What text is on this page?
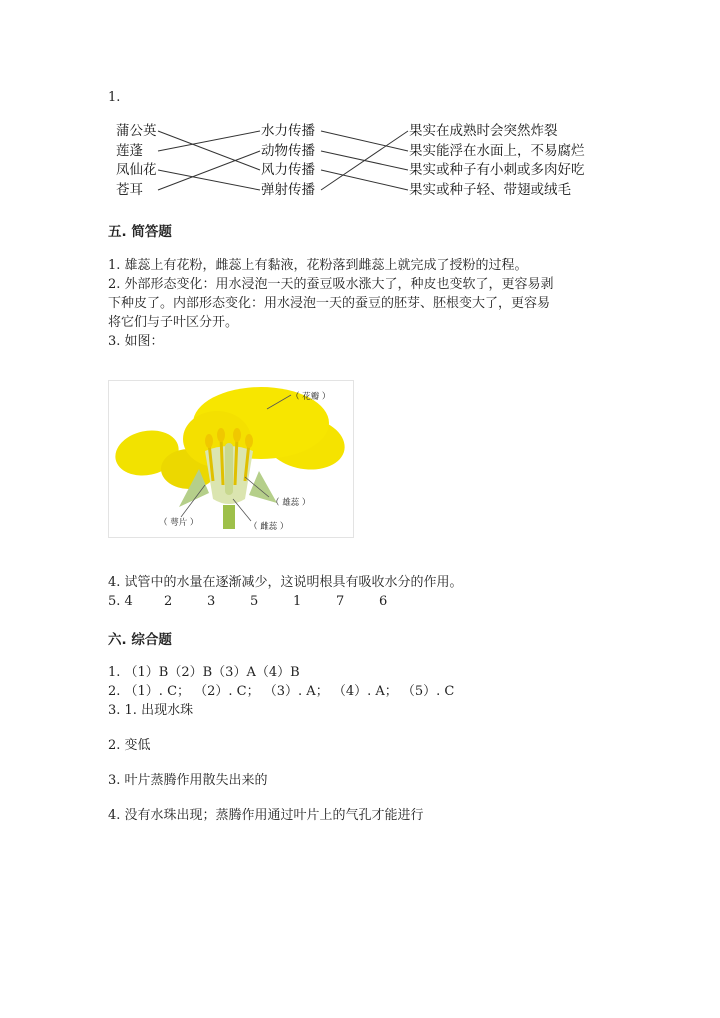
1.
蒲公英
莲蓬
凤仙花
苍耳
水力传播
动物传播
风力传播
弹射传播
果实在成熟时会突然炸裂
果实能浮在水面上，不易腐烂
果实或种子有小刺或多肉好吃
果实或种子轻、带翅或绒毛
五. 简答题
1. 雄蕊上有花粉，雌蕊上有黏液，花粉落到雌蕊上就完成了授粉的过程。
2. 外部形态变化：用水浸泡一天的蚕豆吸水涨大了，种皮也变软了，更容易剥
下种皮了。内部形态变化：用水浸泡一天的蚕豆的胚芽、胚根变大了，更容易
将它们与子叶区分开。
3. 如图：
（ 花瓣 ）
（ 雄蕊 ）
（ 萼片 ）	（ 雌蕊 ）
4. 试管中的水量在逐渐减少，这说明根具有吸收水分的作用。
5. 4 2	3	5	1	7	6
六. 综合题
1. （1）B（2）B（3）A（4）B
2. （1）. C； （2）. C； （3）. A； （4）. A； （5）. C
3. 1. 出现水珠
2. 变低
3. 叶片蒸腾作用散失出来的
4. 没有水珠出现；蒸腾作用通过叶片上的气孔才能进行
